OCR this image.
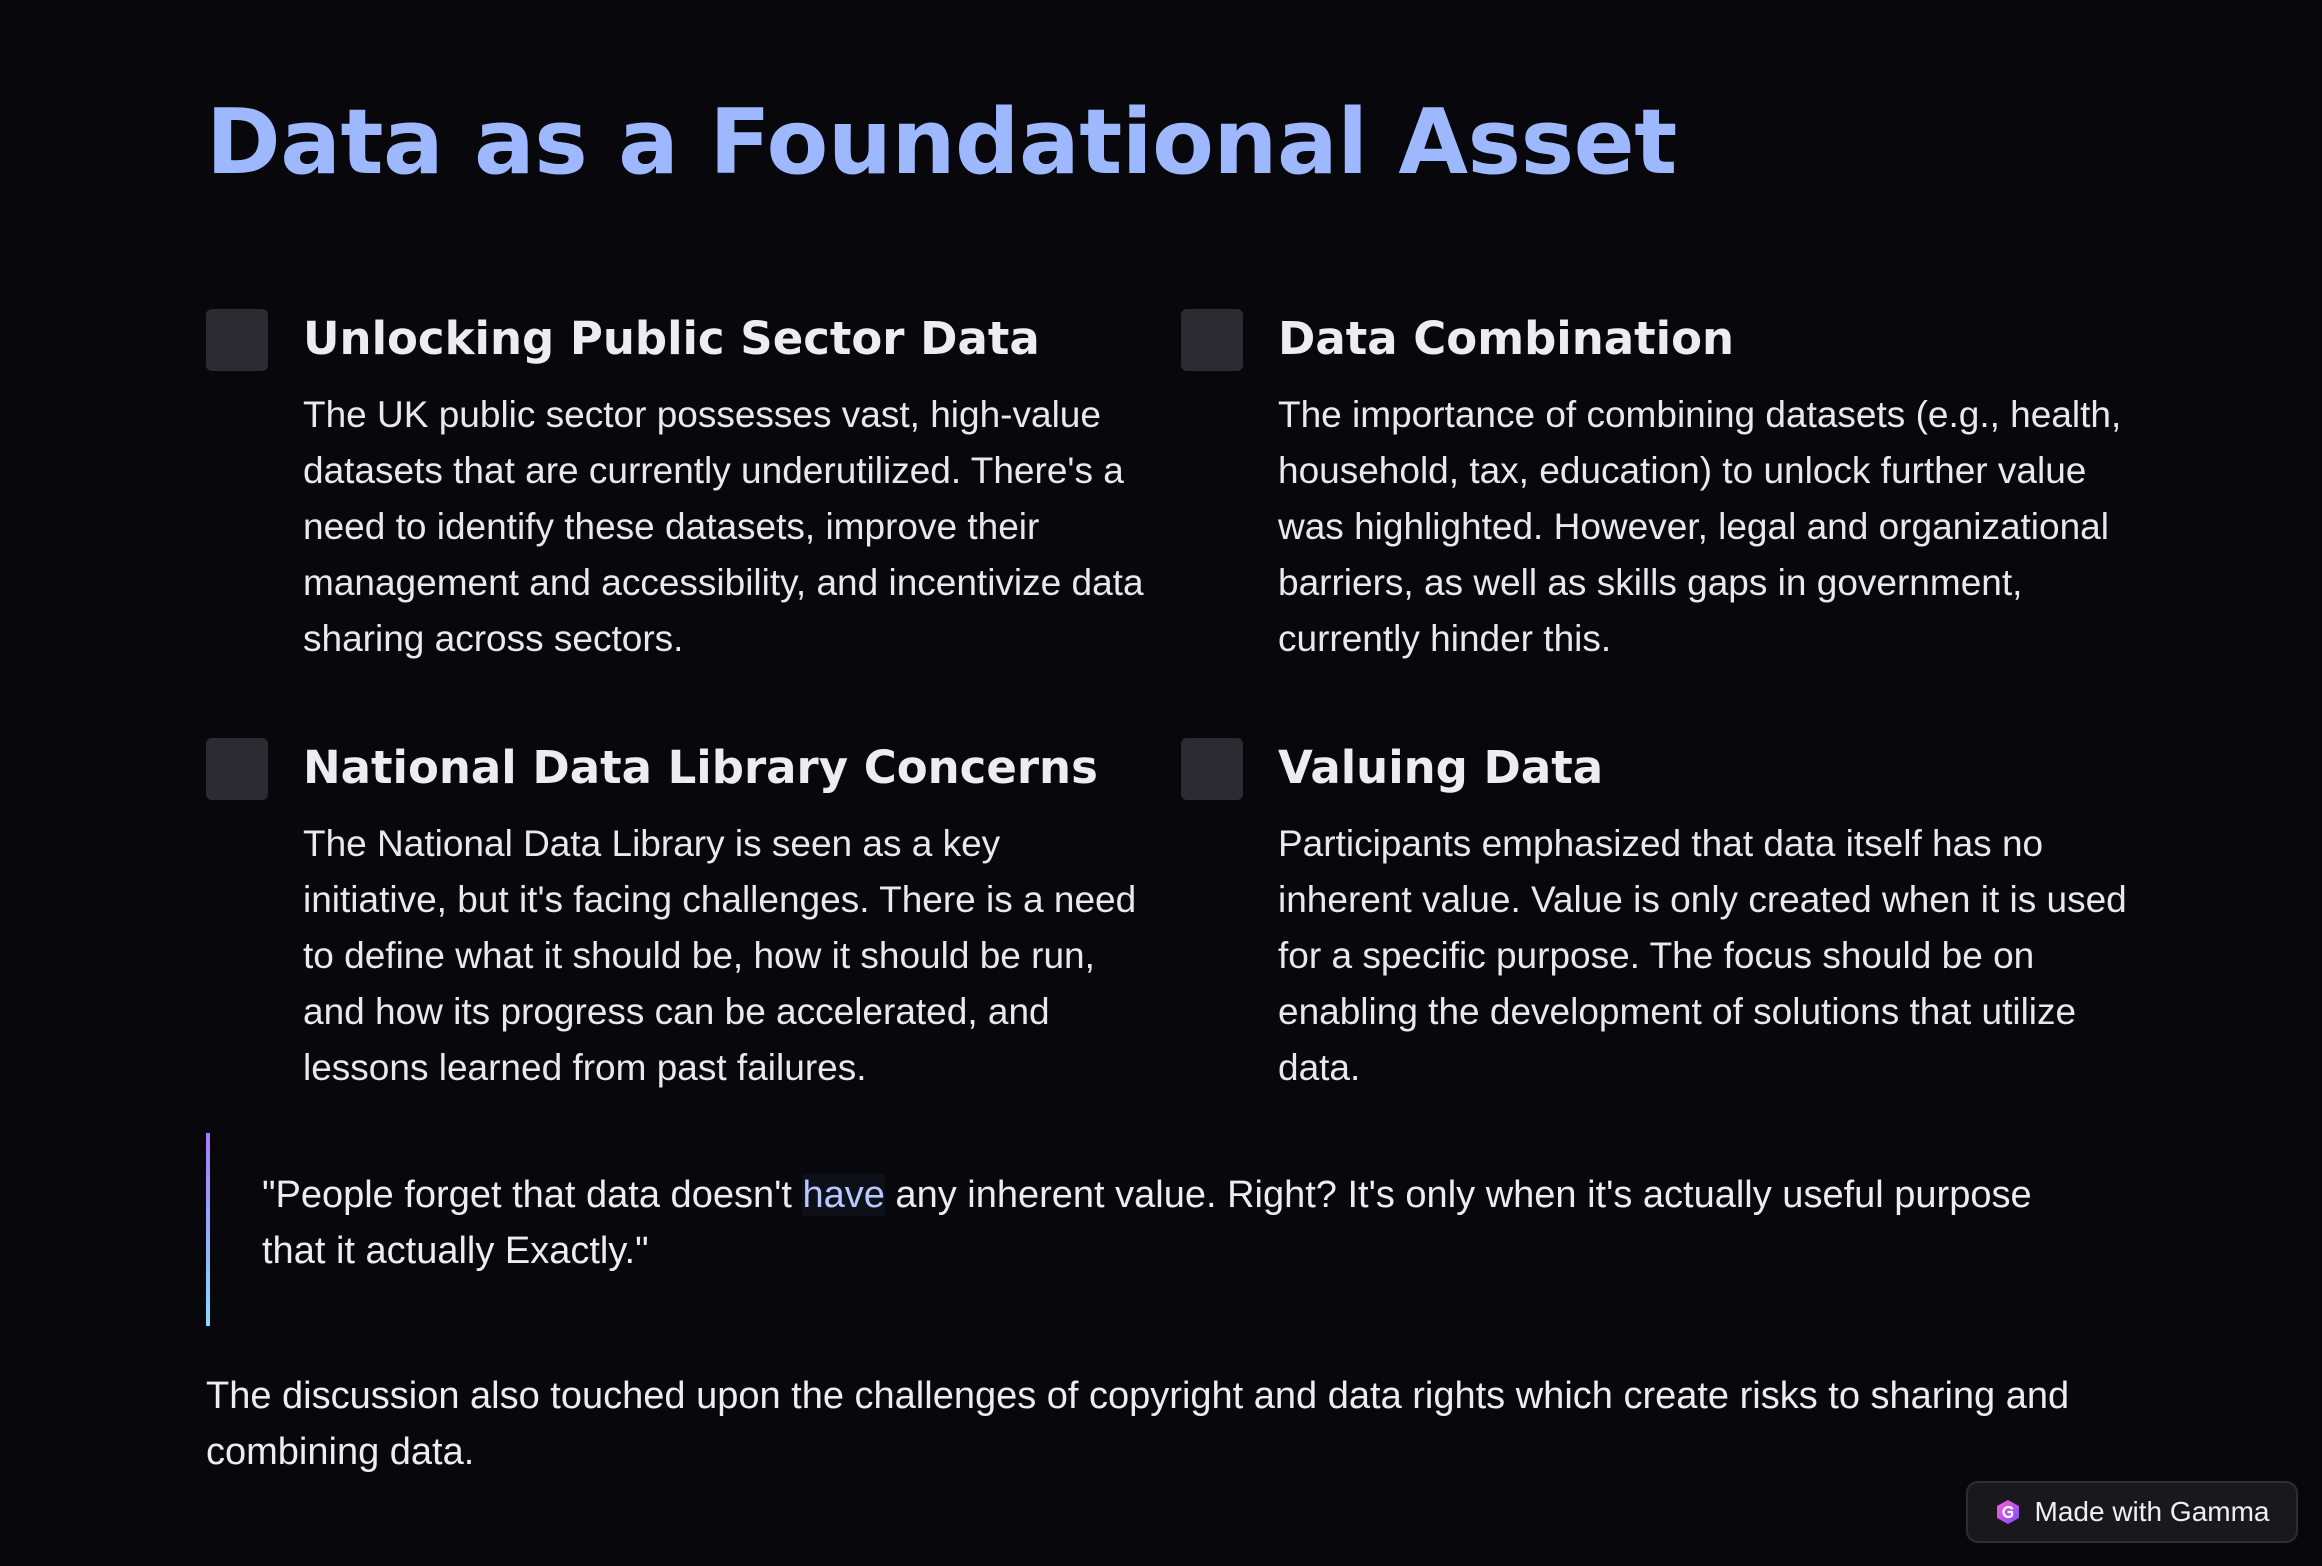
Data as a Foundational Asset
Unlocking Public Sector Data

The UK public sector possesses vast, high-value datasets that are currently underutilized. There's a need to identify these datasets, improve their management and accessibility, and incentivize data sharing across sectors.

Data Combination

The importance of combining datasets (e.g., health, household, tax, education) to unlock further value was highlighted. However, legal and organizational barriers, as well as skills gaps in government, currently hinder this.

National Data Library Concerns

The National Data Library is seen as a key initiative, but it's facing challenges. There is a need to define what it should be, how it should be run, and how its progress can be accelerated, and lessons learned from past failures.

Valuing Data

Participants emphasized that data itself has no inherent value. Value is only created when it is used for a specific purpose. The focus should be on enabling the development of solutions that utilize data.

"People forget that data doesn't have any inherent value. Right? It's only when it's actually useful purpose that it actually Exactly."

The discussion also touched upon the challenges of copyright and data rights which create risks to sharing and combining data.

Made with Gamma
